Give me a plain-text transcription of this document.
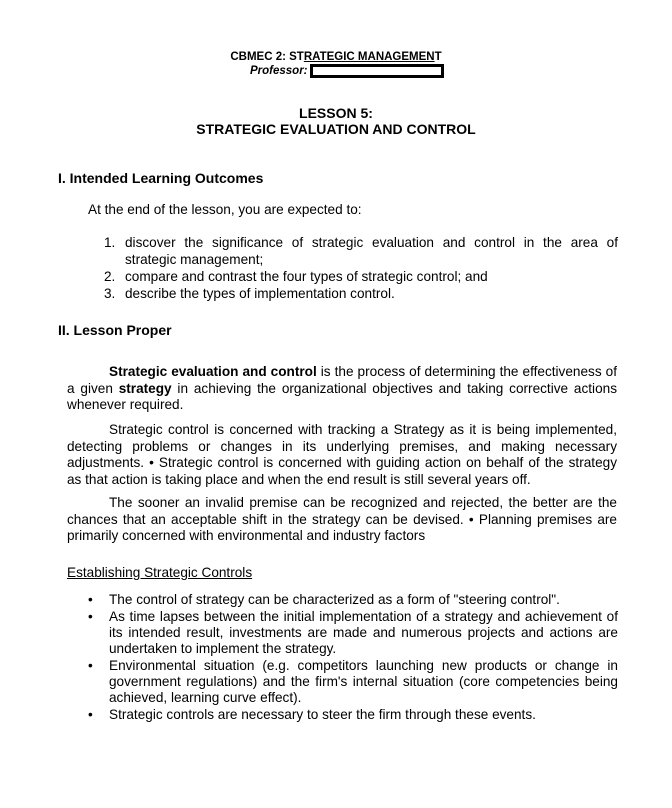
CBMEC 2: STRATEGIC MANAGEMENT
Professor:
LESSON 5:
STRATEGIC EVALUATION AND CONTROL
I. Intended Learning Outcomes
At the end of the lesson, you are expected to:
1. discover the significance of strategic evaluation and control in the area of strategic management;
2. compare and contrast the four types of strategic control; and
3. describe the types of implementation control.
II. Lesson Proper

Strategic evaluation and control is the process of determining the effectiveness of a given strategy in achieving the organizational objectives and taking corrective actions whenever required.

Strategic control is concerned with tracking a Strategy as it is being implemented, detecting problems or changes in its underlying premises, and making necessary adjustments. • Strategic control is concerned with guiding action on behalf of the strategy as that action is taking place and when the end result is still several years off.

The sooner an invalid premise can be recognized and rejected, the better are the chances that an acceptable shift in the strategy can be devised. • Planning premises are primarily concerned with environmental and industry factors

Establishing Strategic Controls
• The control of strategy can be characterized as a form of "steering control".
• As time lapses between the initial implementation of a strategy and achievement of its intended result, investments are made and numerous projects and actions are undertaken to implement the strategy.
• Environmental situation (e.g. competitors launching new products or change in government regulations) and the firm's internal situation (core competencies being achieved, learning curve effect).
• Strategic controls are necessary to steer the firm through these events.
